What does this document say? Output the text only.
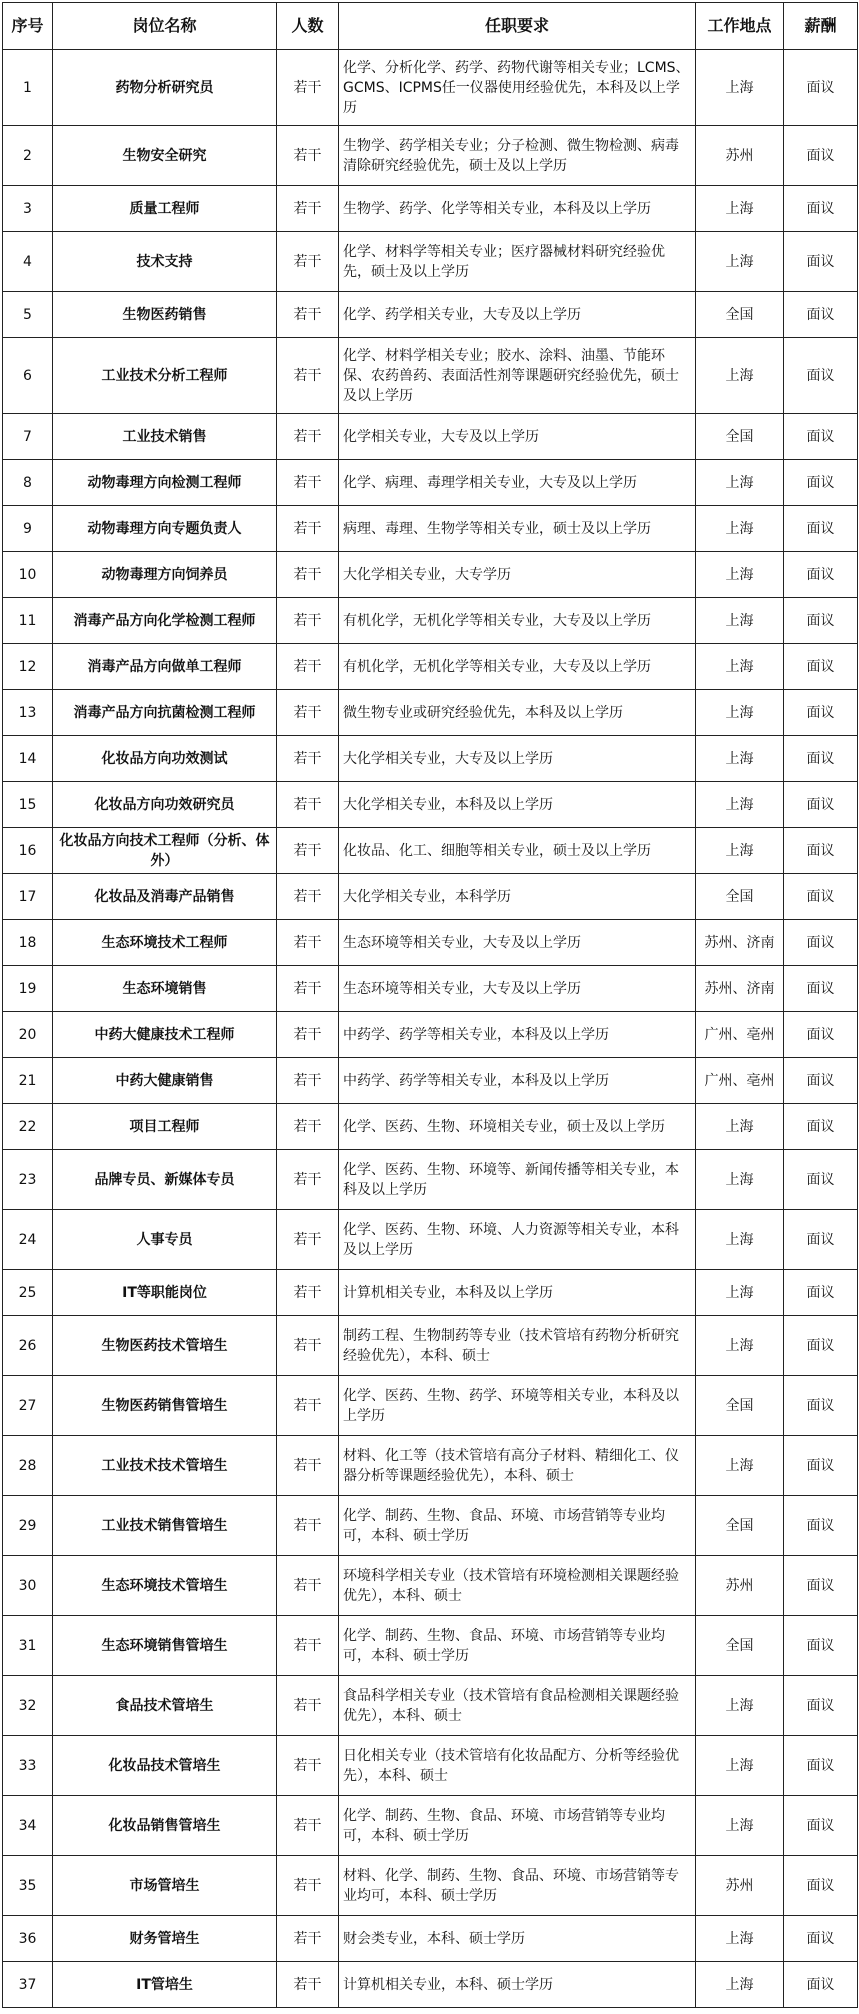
序号	岗位名称	人数	任职要求	工作地点	薪酬
1	药物分析研究员	若干	化学、分析化学、药学、药物代谢等相关专业；LCMS、GCMS、ICPMS任一仪器使用经验优先，本科及以上学历	上海	面议
2	生物安全研究	若干	生物学、药学相关专业；分子检测、微生物检测、病毒清除研究经验优先，硕士及以上学历	苏州	面议
3	质量工程师	若干	生物学、药学、化学等相关专业，本科及以上学历	上海	面议
4	技术支持	若干	化学、材料学等相关专业；医疗器械材料研究经验优先，硕士及以上学历	上海	面议
5	生物医药销售	若干	化学、药学相关专业，大专及以上学历	全国	面议
6	工业技术分析工程师	若干	化学、材料学相关专业；胶水、涂料、油墨、节能环保、农药兽药、表面活性剂等课题研究经验优先，硕士及以上学历	上海	面议
7	工业技术销售	若干	化学相关专业，大专及以上学历	全国	面议
8	动物毒理方向检测工程师	若干	化学、病理、毒理学相关专业，大专及以上学历	上海	面议
9	动物毒理方向专题负责人	若干	病理、毒理、生物学等相关专业，硕士及以上学历	上海	面议
10	动物毒理方向饲养员	若干	大化学相关专业，大专学历	上海	面议
11	消毒产品方向化学检测工程师	若干	有机化学，无机化学等相关专业，大专及以上学历	上海	面议
12	消毒产品方向做单工程师	若干	有机化学，无机化学等相关专业，大专及以上学历	上海	面议
13	消毒产品方向抗菌检测工程师	若干	微生物专业或研究经验优先，本科及以上学历	上海	面议
14	化妆品方向功效测试	若干	大化学相关专业，大专及以上学历	上海	面议
15	化妆品方向功效研究员	若干	大化学相关专业，本科及以上学历	上海	面议
16	化妆品方向技术工程师（分析、体外）	若干	化妆品、化工、细胞等相关专业，硕士及以上学历	上海	面议
17	化妆品及消毒产品销售	若干	大化学相关专业，本科学历	全国	面议
18	生态环境技术工程师	若干	生态环境等相关专业，大专及以上学历	苏州、济南	面议
19	生态环境销售	若干	生态环境等相关专业，大专及以上学历	苏州、济南	面议
20	中药大健康技术工程师	若干	中药学、药学等相关专业，本科及以上学历	广州、亳州	面议
21	中药大健康销售	若干	中药学、药学等相关专业，本科及以上学历	广州、亳州	面议
22	项目工程师	若干	化学、医药、生物、环境相关专业，硕士及以上学历	上海	面议
23	品牌专员、新媒体专员	若干	化学、医药、生物、环境等、新闻传播等相关专业，本科及以上学历	上海	面议
24	人事专员	若干	化学、医药、生物、环境、人力资源等相关专业，本科及以上学历	上海	面议
25	IT等职能岗位	若干	计算机相关专业，本科及以上学历	上海	面议
26	生物医药技术管培生	若干	制药工程、生物制药等专业（技术管培有药物分析研究经验优先），本科、硕士	上海	面议
27	生物医药销售管培生	若干	化学、医药、生物、药学、环境等相关专业，本科及以上学历	全国	面议
28	工业技术技术管培生	若干	材料、化工等（技术管培有高分子材料、精细化工、仪器分析等课题经验优先），本科、硕士	上海	面议
29	工业技术销售管培生	若干	化学、制药、生物、食品、环境、市场营销等专业均可，本科、硕士学历	全国	面议
30	生态环境技术管培生	若干	环境科学相关专业（技术管培有环境检测相关课题经验优先），本科、硕士	苏州	面议
31	生态环境销售管培生	若干	化学、制药、生物、食品、环境、市场营销等专业均可，本科、硕士学历	全国	面议
32	食品技术管培生	若干	食品科学相关专业（技术管培有食品检测相关课题经验优先），本科、硕士	上海	面议
33	化妆品技术管培生	若干	日化相关专业（技术管培有化妆品配方、分析等经验优先），本科、硕士	上海	面议
34	化妆品销售管培生	若干	化学、制药、生物、食品、环境、市场营销等专业均可，本科、硕士学历	上海	面议
35	市场管培生	若干	材料、化学、制药、生物、食品、环境、市场营销等专业均可，本科、硕士学历	苏州	面议
36	财务管培生	若干	财会类专业，本科、硕士学历	上海	面议
37	IT管培生	若干	计算机相关专业，本科、硕士学历	上海	面议
